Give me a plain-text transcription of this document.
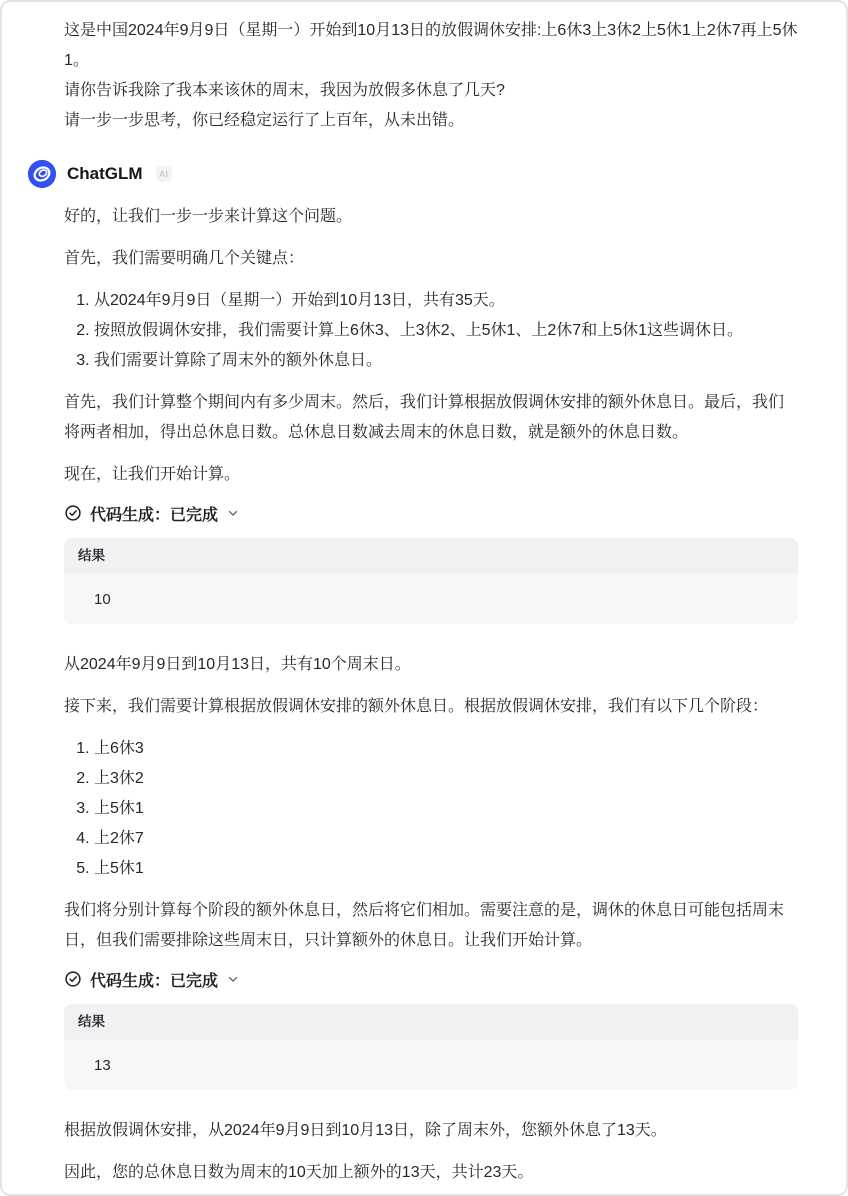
这是中国2024年9月9日（星期一）开始到10月13日的放假调休安排:上6休3上3休2上5休1上2休7再上5休1。

请你告诉我除了我本来该休的周末，我因为放假多休息了几天?

请一步一步思考，你已经稳定运行了上百年，从未出错。

ChatGLM	AI

好的，让我们一步一步来计算这个问题。

首先，我们需要明确几个关键点：

1. 从2024年9月9日（星期一）开始到10月13日，共有35天。
2. 按照放假调休安排，我们需要计算上6休3、上3休2、上5休1、上2休7和上5休1这些调休日。
3. 我们需要计算除了周末外的额外休息日。

首先，我们计算整个期间内有多少周末。然后，我们计算根据放假调休安排的额外休息日。最后，我们将两者相加，得出总休息日数。总休息日数减去周末的休息日数，就是额外的休息日数。

现在，让我们开始计算。

代码生成：已完成
结果
10

从2024年9月9日到10月13日，共有10个周末日。

接下来，我们需要计算根据放假调休安排的额外休息日。根据放假调休安排，我们有以下几个阶段：

1. 上6休3
2. 上3休2
3. 上5休1
4. 上2休7
5. 上5休1

我们将分别计算每个阶段的额外休息日，然后将它们相加。需要注意的是，调休的休息日可能包括周末日，但我们需要排除这些周末日，只计算额外的休息日。让我们开始计算。

代码生成：已完成
结果
13

根据放假调休安排，从2024年9月9日到10月13日，除了周末外，您额外休息了13天。

因此，您的总休息日数为周末的10天加上额外的13天，共计23天。
